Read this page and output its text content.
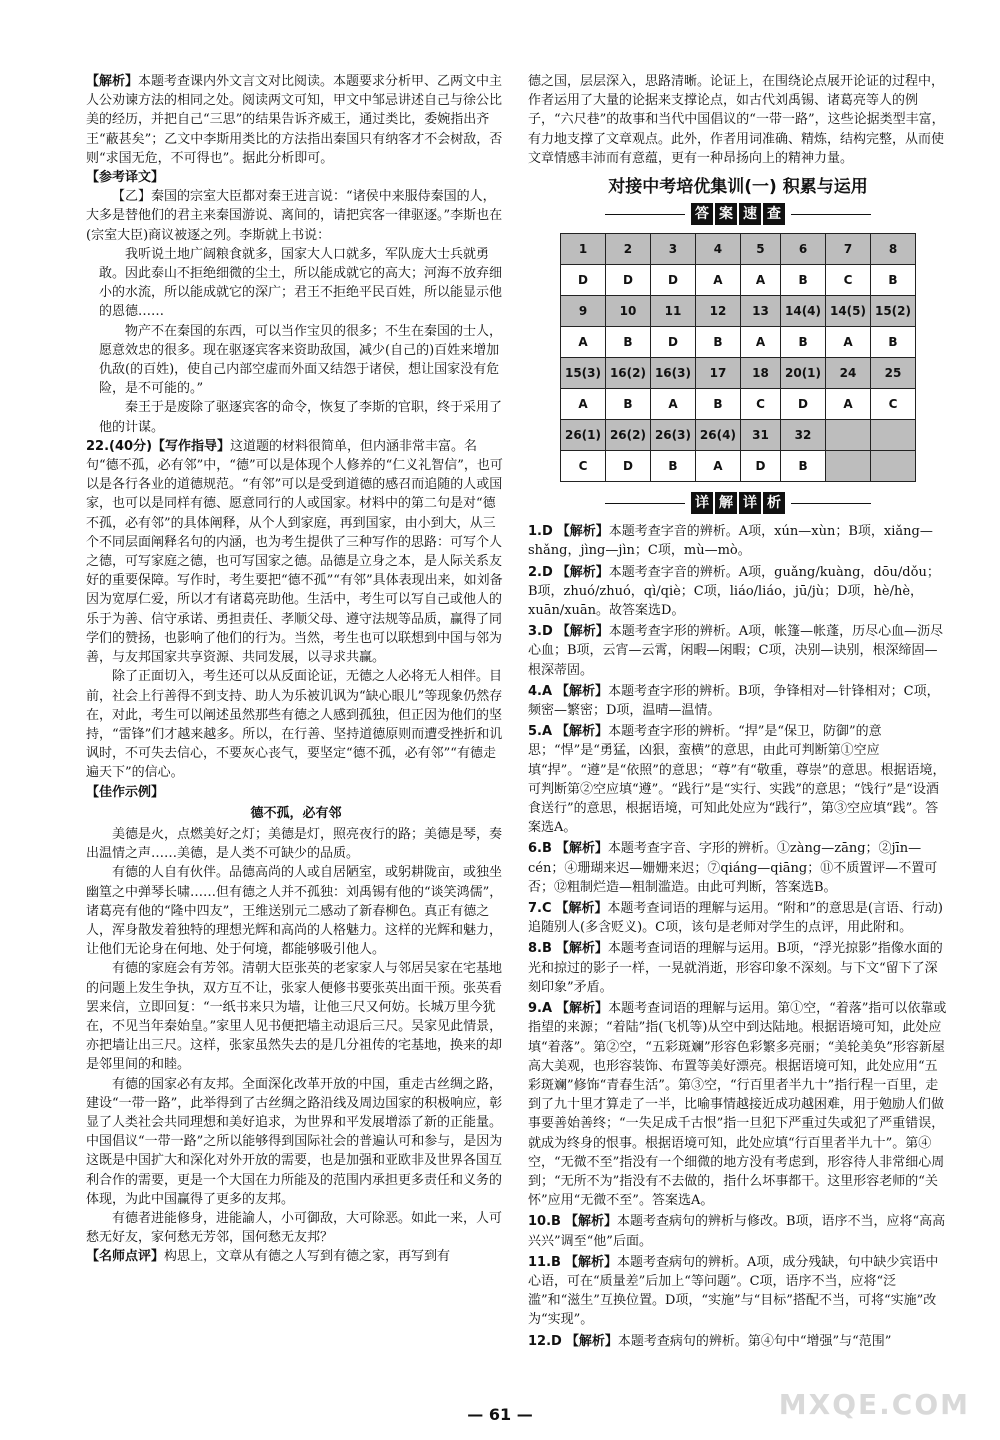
【解析】本题考查课内外文言文对比阅读。本题要求分析甲、乙两文中主人公劝谏方法的相同之处。阅读两文可知，甲文中邹忌讲述自己与徐公比美的经历，并把自己“三思”的结果告诉齐威王，通过类比，委婉指出齐王“蔽甚矣”；乙文中李斯用类比的方法指出秦国只有纳客才不会树敌，否则“求国无危，不可得也”。据此分析即可。

【参考译文】

【乙】秦国的宗室大臣都对秦王进言说：“诸侯中来服侍秦国的人，大多是替他们的君主来秦国游说、离间的，请把宾客一律驱逐。”李斯也在(宗室大臣)商议被逐之列。李斯就上书说：

我听说土地广阔粮食就多，国家大人口就多，军队庞大士兵就勇敢。因此泰山不拒绝细微的尘土，所以能成就它的高大；河海不放弃细小的水流，所以能成就它的深广；君王不拒绝平民百姓，所以能显示他的恩德……

物产不在秦国的东西，可以当作宝贝的很多；不生在秦国的士人，愿意效忠的很多。现在驱逐宾客来资助敌国，减少(自己的)百姓来增加仇敌(的百姓)，使自己内部空虚而外面又结怨于诸侯，想让国家没有危险，是不可能的。”

秦王于是废除了驱逐宾客的命令，恢复了李斯的官职，终于采用了他的计谋。

22.(40分)【写作指导】这道题的材料很简单，但内涵非常丰富。名句“德不孤，必有邻”中，“德”可以是体现个人修养的“仁义礼智信”，也可以是各行各业的道德规范。“有邻”可以是受到道德的感召而追随的人或国家，也可以是同样有德、愿意同行的人或国家。材料中的第二句是对“德不孤，必有邻”的具体阐释，从个人到家庭，再到国家，由小到大，从三个不同层面阐释名句的内涵，也为考生提供了三种写作的思路：可写个人之德，可写家庭之德，也可写国家之德。品德是立身之本，是人际关系友好的重要保障。写作时，考生要把“德不孤”“有邻”具体表现出来，如刘备因为宽厚仁爱，所以才有诸葛亮助他。生活中，考生可以写自己或他人的乐于为善、信守承诺、勇担责任、孝顺父母、遵守法规等品质，赢得了同学们的赞扬，也影响了他们的行为。当然，考生也可以联想到中国与邻为善，与友邦国家共享资源、共同发展，以寻求共赢。

除了正面切入，考生还可以从反面论证，无德之人必将无人相伴。目前，社会上行善得不到支持、助人为乐被讥讽为“缺心眼儿”等现象仍然存在，对此，考生可以阐述虽然那些有德之人感到孤独，但正因为他们的坚持，“雷锋”们才越来越多。所以，在行善、坚持道德原则而遭受挫折和讥讽时，不可失去信心，不要灰心丧气，要坚定“德不孤，必有邻”“有德走遍天下”的信心。

【佳作示例】

德不孤，必有邻

美德是火，点燃美好之灯；美德是灯，照亮夜行的路；美德是琴，奏出温情之声……美德，是人类不可缺少的品质。

有德的人自有伙伴。品德高尚的人或自居陋室，或躬耕陇亩，或独坐幽篁之中弹琴长啸……但有德之人并不孤独：刘禹锡有他的“谈笑鸿儒”，诸葛亮有他的“隆中四友”，王维送别元二感动了新春柳色。真正有德之人，浑身散发着独特的理想光辉和高尚的人格魅力。这样的光辉和魅力，让他们无论身在何地、处于何境，都能够吸引他人。

有德的家庭会有芳邻。清朝大臣张英的老家家人与邻居吴家在宅基地的问题上发生争执，双方互不让，张家人便修书要张英出面干预。张英看罢来信，立即回复：“一纸书来只为墙，让他三尺又何妨。长城万里今犹在，不见当年秦始皇。”家里人见书便把墙主动退后三尺。吴家见此情景，亦把墙让出三尺。这样，张家虽然失去的是几分祖传的宅基地，换来的却是邻里间的和睦。

有德的国家必有友邦。全面深化改革开放的中国，重走古丝绸之路，建设“一带一路”，此举得到了古丝绸之路沿线及周边国家的积极响应，彰显了人类社会共同理想和美好追求，为世界和平发展增添了新的正能量。中国倡议“一带一路”之所以能够得到国际社会的普遍认可和参与，是因为这既是中国扩大和深化对外开放的需要，也是加强和亚欧非及世界各国互利合作的需要，更是一个大国在力所能及的范围内承担更多责任和义务的体现，为此中国赢得了更多的友邦。

有德者进能修身，进能諭人，小可御敌，大可除恶。如此一来，人可愁无好友，家何愁无芳邻，国何愁无友邦？

【名师点评】构思上，文章从有德之人写到有德之家，再写到有

德之国，层层深入，思路清晰。论证上，在围绕论点展开论证的过程中，作者运用了大量的论据来支撑论点，如古代刘禹锡、诸葛亮等人的例子，“六尺巷”的故事和当代中国倡议的“一带一路”，这些论据类型丰富，有力地支撑了文章观点。此外，作者用词准确、精炼，结构完整，从而使文章情感丰沛而有意蕴，更有一种昂扬向上的精神力量。

对接中考培优集训(一) 积累与运用

答 案 速 查
1	2	3	4	5	6	7	8
D	D	D	A	A	B	C	B
9	10	11	12	13	14(4)	14(5)	15(2)
A	B	D	B	A	B	A	B
15(3)	16(2)	16(3)	17	18	20(1)	24	25
A	B	A	B	C	D	A	C
26(1)	26(2)	26(3)	26(4)	31	32		
C	D	B	A	D	B		
详 解 详 析

1.D 【解析】本题考查字音的辨析。A项，xún—xùn；B项，xiǎng—shǎng，jìng—jìn；C项，mù—mò。

2.D 【解析】本题考查字音的辨析。A项，guǎng/kuàng，dōu/dǒu；B项，zhuó/zhuó，qì/qiè；C项，liáo/liáo，jū/jù；D项，hè/hè，xuān/xuān。故答案选D。

3.D 【解析】本题考查字形的辨析。A项，帐篷—帐蓬，历尽心血—沥尽心血；B项，云宵—云霄，闲暇—闲暇；C项，决别—诀别，根深缔固—根深蒂固。

4.A 【解析】本题考查字形的辨析。B项，争锋相对—针锋相对；C项，频密—繁密；D项，温晴—温情。

5.A 【解析】本题考查字形的辨析。“捍”是“保卫，防御”的意思；“悍”是“勇猛，凶狠，蛮横”的意思，由此可判断第①空应填“捍”。“遵”是“依照”的意思；“尊”有“敬重，尊崇”的意思。根据语境，可判断第②空应填“遵”。“践行”是“实行、实践”的意思；“饯行”是“设酒食送行”的意思，根据语境，可知此处应为“践行”，第③空应填“践”。答案选A。

6.B 【解析】本题考查字音、字形的辨析。①zàng—zāng；②jīn—cén；④珊瑚来迟—姗姗来迟；⑦qiáng—qiāng；⑪不质置评—不置可否；⑫粗制烂造—粗制滥造。由此可判断，答案选B。

7.C 【解析】本题考查词语的理解与运用。“附和”的意思是(言语、行动)追随别人(多含贬义)。C项，该句是老师对学生的点评，用此附和。

8.B 【解析】本题考查词语的理解与运用。B项，“浮光掠影”指像水面的光和掠过的影子一样，一晃就消逝，形容印象不深刻。与下文“留下了深刻印象”矛盾。

9.A 【解析】本题考查词语的理解与运用。第①空，“着落”指可以依靠或指望的来源；“着陆”指(飞机等)从空中到达陆地。根据语境可知，此处应填“着落”。第②空，“五彩斑斓”形容色彩繁多亮丽；“美轮美奂”形容新屋高大美观，也形容装饰、布置等美好漂亮。根据语境可知，此处应用“五彩斑斓”修饰“青春生活”。第③空，“行百里者半九十”指行程一百里，走到了九十里才算走了一半，比喻事情越接近成功越困难，用于勉励人们做事要善始善终；“一失足成千古恨”指一旦犯下严重过失或犯了严重错误，就成为终身的恨事。根据语境可知，此处应填“行百里者半九十”。第④空，“无微不至”指没有一个细微的地方没有考虑到，形容待人非常细心周到；“无所不为”指没有不去做的，指什么坏事都干。这里形容老师的“关怀”应用“无微不至”。答案选A。

10.B 【解析】本题考查病句的辨析与修改。B项，语序不当，应将“高高兴兴”调至“他”后面。

11.B 【解析】本题考查病句的辨析。A项，成分残缺，句中缺少宾语中心语，可在“质量差”后加上“等问题”。C项，语序不当，应将“泛滥”和“滋生”互换位置。D项，“实施”与“目标”搭配不当，可将“实施”改为“实现”。

12.D 【解析】本题考查病句的辨析。第④句中“增强”与“范围”

— 61 —	MXQE.COM
